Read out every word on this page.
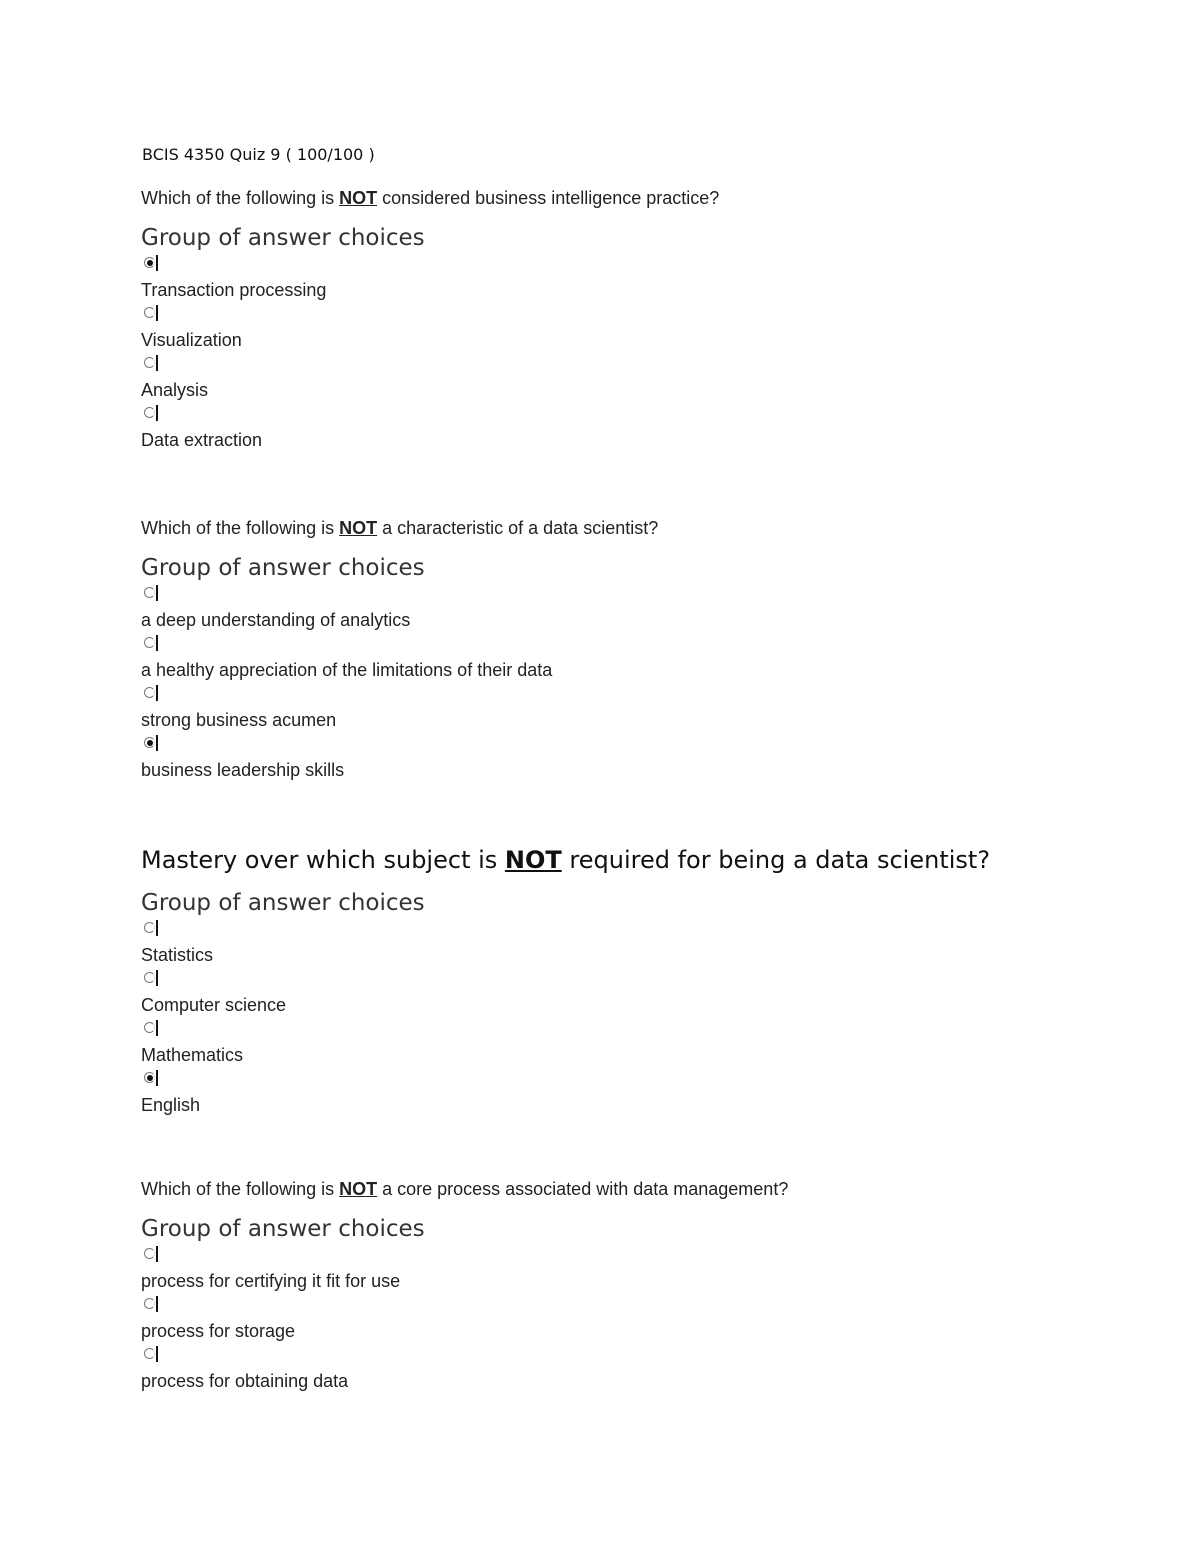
BCIS 4350 Quiz 9 ( 100/100 )
Which of the following is NOT considered business intelligence practice?
Group of answer choices
Transaction processing
Visualization
Analysis
Data extraction
Which of the following is NOT a characteristic of a data scientist?
Group of answer choices
a deep understanding of analytics
a healthy appreciation of the limitations of their data
strong business acumen
business leadership skills
Mastery over which subject is NOT required for being a data scientist?
Group of answer choices
Statistics
Computer science
Mathematics
English
Which of the following is NOT a core process associated with data management?
Group of answer choices
process for certifying it fit for use
process for storage
process for obtaining data
